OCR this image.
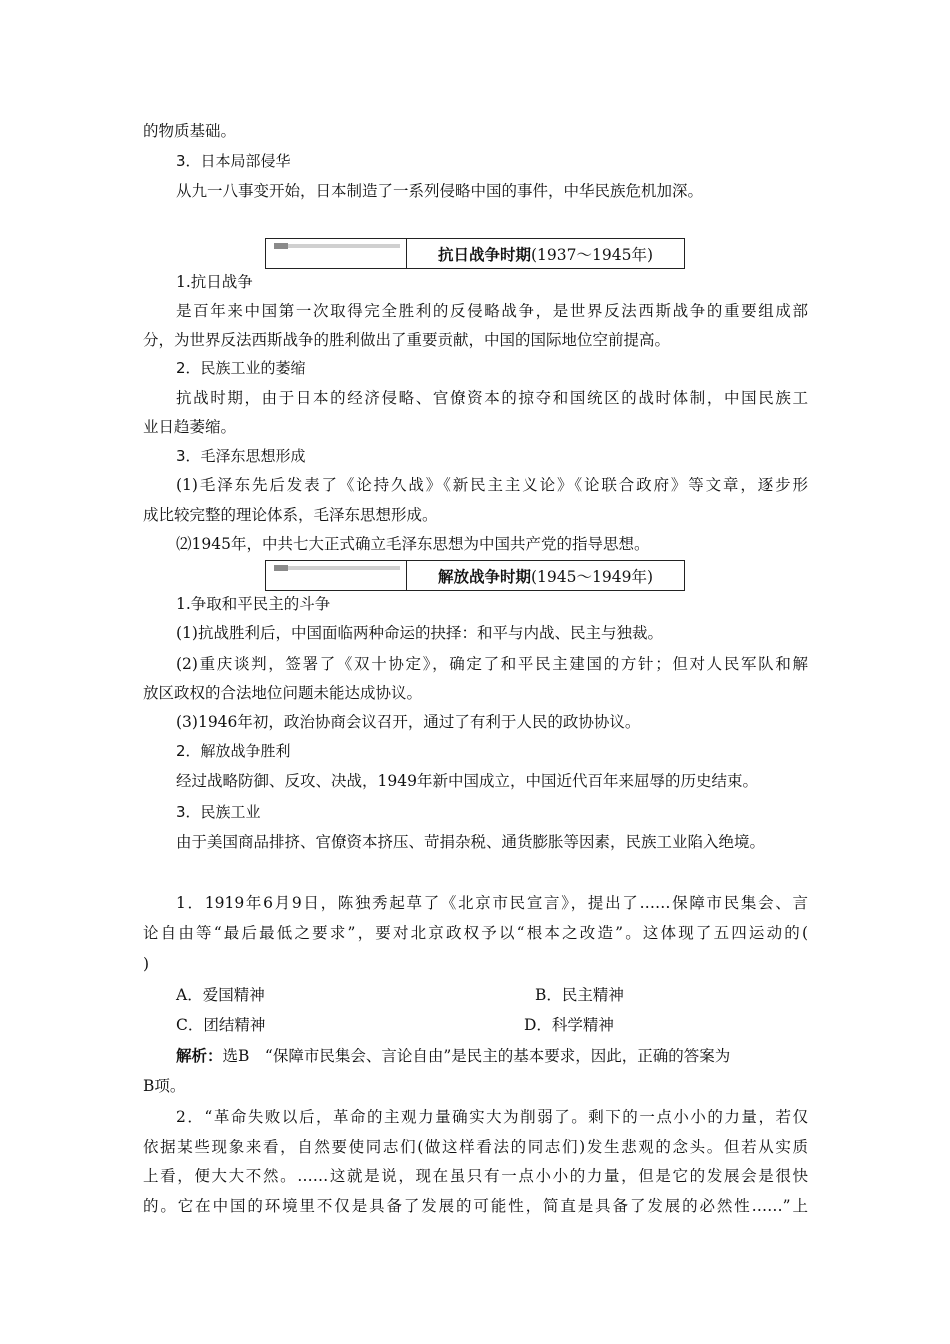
的物质基础。
3．日本局部侵华
从九一八事变开始，日本制造了一系列侵略中国的事件，中华民族危机加深。
抗日战争时期 (1937～1945年)
1.抗日战争
是百年来中国第一次取得完全胜利的反侵略战争，是世界反法西斯战争的重要组成部
分，为世界反法西斯战争的胜利做出了重要贡献，中国的国际地位空前提高。
2．民族工业的萎缩
抗战时期，由于日本的经济侵略、官僚资本的掠夺和国统区的战时体制，中国民族工
业日趋萎缩。
3．毛泽东思想形成
(1)毛泽东先后发表了《论持久战》《新民主主义论》《论联合政府》等文章，逐步形
成比较完整的理论体系，毛泽东思想形成。
⑵1945年，中共七大正式确立毛泽东思想为中国共产党的指导思想。
解放战争时期 (1945～1949年)
1.争取和平民主的斗争
(1)抗战胜利后，中国面临两种命运的抉择：和平与内战、民主与独裁。
(2)重庆谈判，签署了《双十协定》，确定了和平民主建国的方针；但对人民军队和解
放区政权的合法地位问题未能达成协议。
(3)1946年初，政治协商会议召开，通过了有利于人民的政协协议。
2．解放战争胜利
经过战略防御、反攻、决战，1949年新中国成立，中国近代百年来屈辱的历史结束。
3．民族工业
由于美国商品排挤、官僚资本挤压、苛捐杂税、通货膨胀等因素，民族工业陷入绝境。
1．1919年6月9日，陈独秀起草了《北京市民宣言》，提出了……保障市民集会、言
论自由等“最后最低之要求”，要对北京政权予以“根本之改造”。这体现了五四运动的(
)
A．爱国精神	B．民主精神
C．团结精神	D．科学精神
解析：选B　“保障市民集会、言论自由”是民主的基本要求，因此，正确的答案为
B项。
2．“革命失败以后，革命的主观力量确实大为削弱了。剩下的一点小小的力量，若仅
依据某些现象来看，自然要使同志们(做这样看法的同志们)发生悲观的念头。但若从实质
上看，便大大不然。……这就是说，现在虽只有一点小小的力量，但是它的发展会是很快
的。它在中国的环境里不仅是具备了发展的可能性，简直是具备了发展的必然性……”上
